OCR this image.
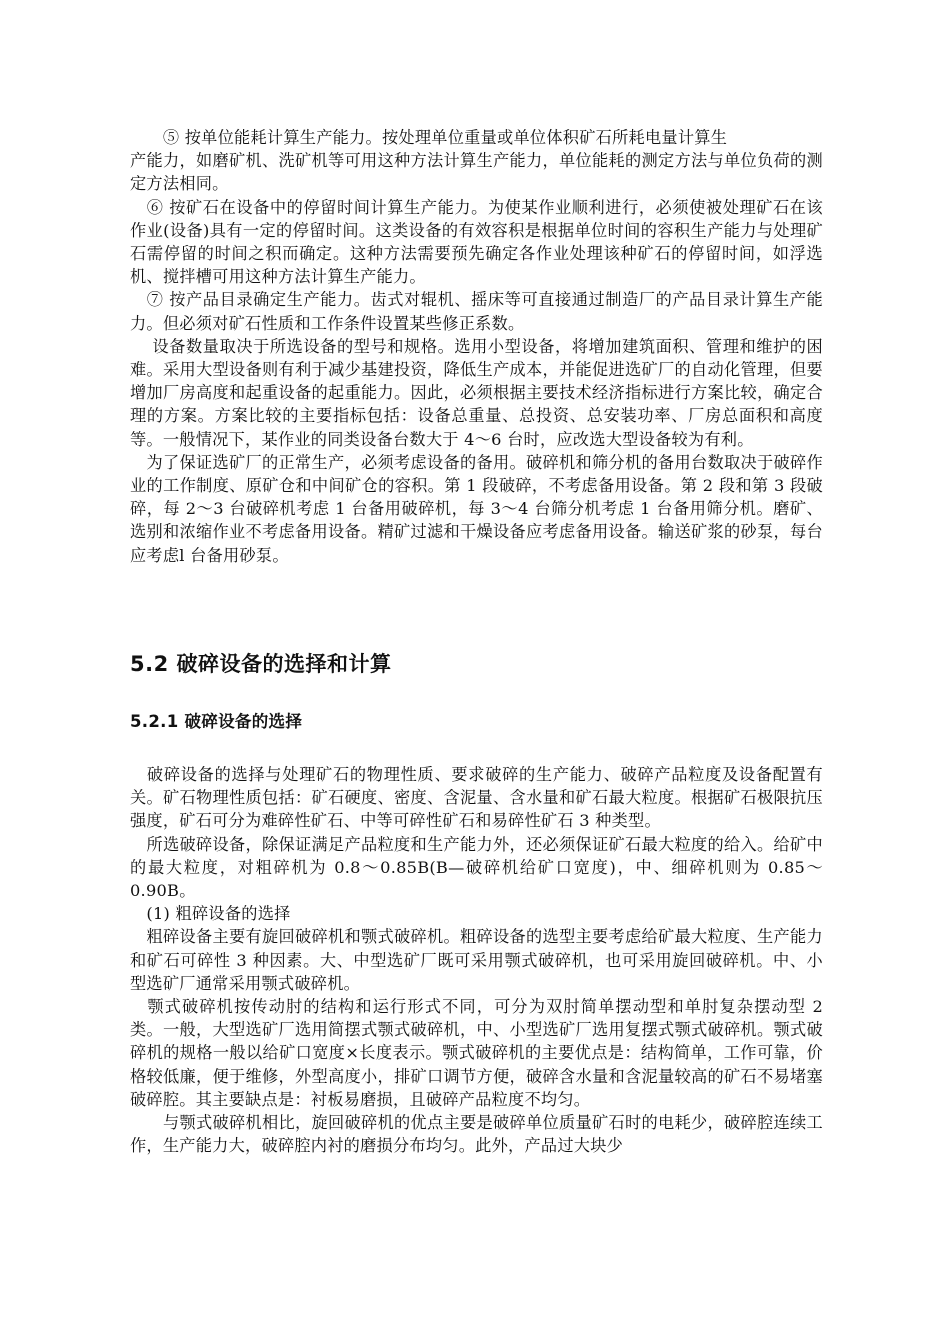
　　⑤ 按单位能耗计算生产能力。按处理单位重量或单位体积矿石所耗电量计算生

产能力，如磨矿机、洗矿机等可用这种方法计算生产能力，单位能耗的测定方法与单位负荷的测定方法相同。

　⑥ 按矿石在设备中的停留时间计算生产能力。为使某作业顺利进行，必须使被处理矿石在该作业(设备)具有一定的停留时间。这类设备的有效容积是根据单位时间的容积生产能力与处理矿石需停留的时间之积而确定。这种方法需要预先确定各作业处理该种矿石的停留时间，如浮选机、搅拌槽可用这种方法计算生产能力。

　⑦ 按产品目录确定生产能力。齿式对辊机、摇床等可直接通过制造厂的产品目录计算生产能力。但必须对矿石性质和工作条件设置某些修正系数。

　 设备数量取决于所选设备的型号和规格。选用小型设备，将增加建筑面积、管理和维护的困难。采用大型设备则有利于减少基建投资，降低生产成本，并能促进选矿厂的自动化管理，但要增加厂房高度和起重设备的起重能力。因此，必须根据主要技术经济指标进行方案比较，确定合理的方案。方案比较的主要指标包括：设备总重量、总投资、总安装功率、厂房总面积和高度等。一般情况下，某作业的同类设备台数大于 4～6 台时，应改选大型设备较为有利。

　为了保证选矿厂的正常生产，必须考虑设备的备用。破碎机和筛分机的备用台数取决于破碎作业的工作制度、原矿仓和中间矿仓的容积。第 1 段破碎，不考虑备用设备。第 2 段和第 3 段破碎，每 2～3 台破碎机考虑 1 台备用破碎机，每 3～4 台筛分机考虑 1 台备用筛分机。磨矿、选别和浓缩作业不考虑备用设备。精矿过滤和干燥设备应考虑备用设备。输送矿浆的砂泵，每台应考虑l 台备用砂泵。

5.2 破碎设备的选择和计算
5.2.1 破碎设备的选择

　破碎设备的选择与处理矿石的物理性质、要求破碎的生产能力、破碎产品粒度及设备配置有关。矿石物理性质包括：矿石硬度、密度、含泥量、含水量和矿石最大粒度。根据矿石极限抗压强度，矿石可分为难碎性矿石、中等可碎性矿石和易碎性矿石 3 种类型。

　所选破碎设备，除保证满足产品粒度和生产能力外，还必须保证矿石最大粒度的给入。给矿中的最大粒度，对粗碎机为 0.8～0.85B(B—破碎机给矿口宽度)，中、细碎机则为 0.85～0.90B。

　(1) 粗碎设备的选择

　粗碎设备主要有旋回破碎机和颚式破碎机。粗碎设备的选型主要考虑给矿最大粒度、生产能力和矿石可碎性 3 种因素。大、中型选矿厂既可采用颚式破碎机，也可采用旋回破碎机。中、小型选矿厂通常采用颚式破碎机。

　颚式破碎机按传动肘的结构和运行形式不同，可分为双肘简单摆动型和单肘复杂摆动型 2 类。一般，大型选矿厂选用简摆式颚式破碎机，中、小型选矿厂选用复摆式颚式破碎机。颚式破碎机的规格一般以给矿口宽度×长度表示。颚式破碎机的主要优点是：结构简单，工作可靠，价格较低廉，便于维修，外型高度小，排矿口调节方便，破碎含水量和含泥量较高的矿石不易堵塞破碎腔。其主要缺点是：衬板易磨损，且破碎产品粒度不均匀。

　　与颚式破碎机相比，旋回破碎机的优点主要是破碎单位质量矿石时的电耗少，破碎腔连续工作，生产能力大，破碎腔内衬的磨损分布均匀。此外，产品过大块少
